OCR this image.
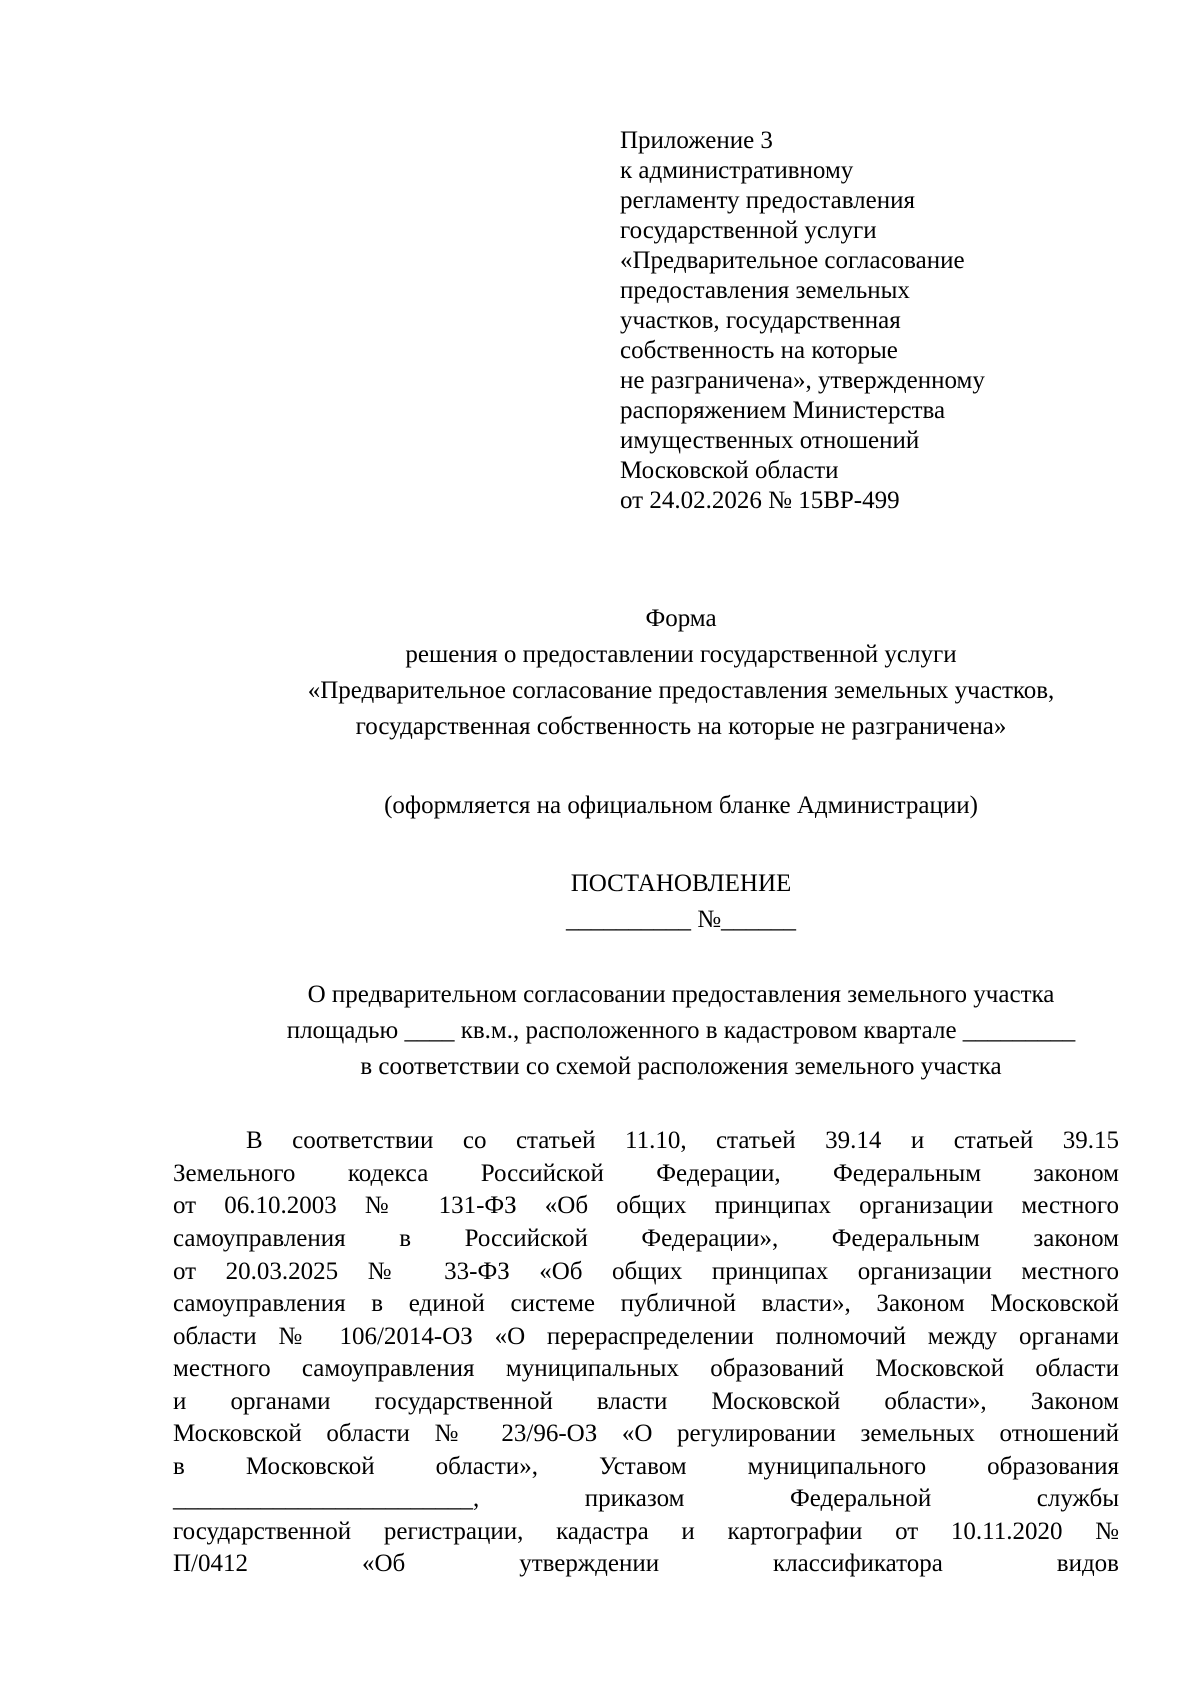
Приложение 3
к административному
регламенту предоставления
государственной услуги
«Предварительное согласование
предоставления земельных
участков, государственная
собственность на которые
не разграничена», утвержденному
распоряжением Министерства
имущественных отношений
Московской области
от 24.02.2026 № 15ВР-499
Форма
решения о предоставлении государственной услуги
«Предварительное согласование предоставления земельных участков,
государственная собственность на которые не разграничена»
(оформляется на официальном бланке Администрации)
ПОСТАНОВЛЕНИЕ
__________ №______
О предварительном согласовании предоставления земельного участка
площадью ____ кв.м., расположенного в кадастровом квартале _________
в соответствии со схемой расположения земельного участка
В соответствии со статьей 11.10, статьей 39.14 и статьей 39.15
Земельного кодекса Российской Федерации, Федеральным законом
от 06.10.2003 № 131-ФЗ «Об общих принципах организации местного
самоуправления в Российской Федерации», Федеральным законом
от 20.03.2025 № 33-ФЗ «Об общих принципах организации местного
самоуправления в единой системе публичной власти», Законом Московской
области № 106/2014-ОЗ «О перераспределении полномочий между органами
местного самоуправления муниципальных образований Московской области
и органами государственной власти Московской области», Законом
Московской области № 23/96-ОЗ «О регулировании земельных отношений
в Московской области», Уставом муниципального образования
________________________, приказом Федеральной службы
государственной регистрации, кадастра и картографии от 10.11.2020 №
П/0412 «Об утверждении классификатора видов
